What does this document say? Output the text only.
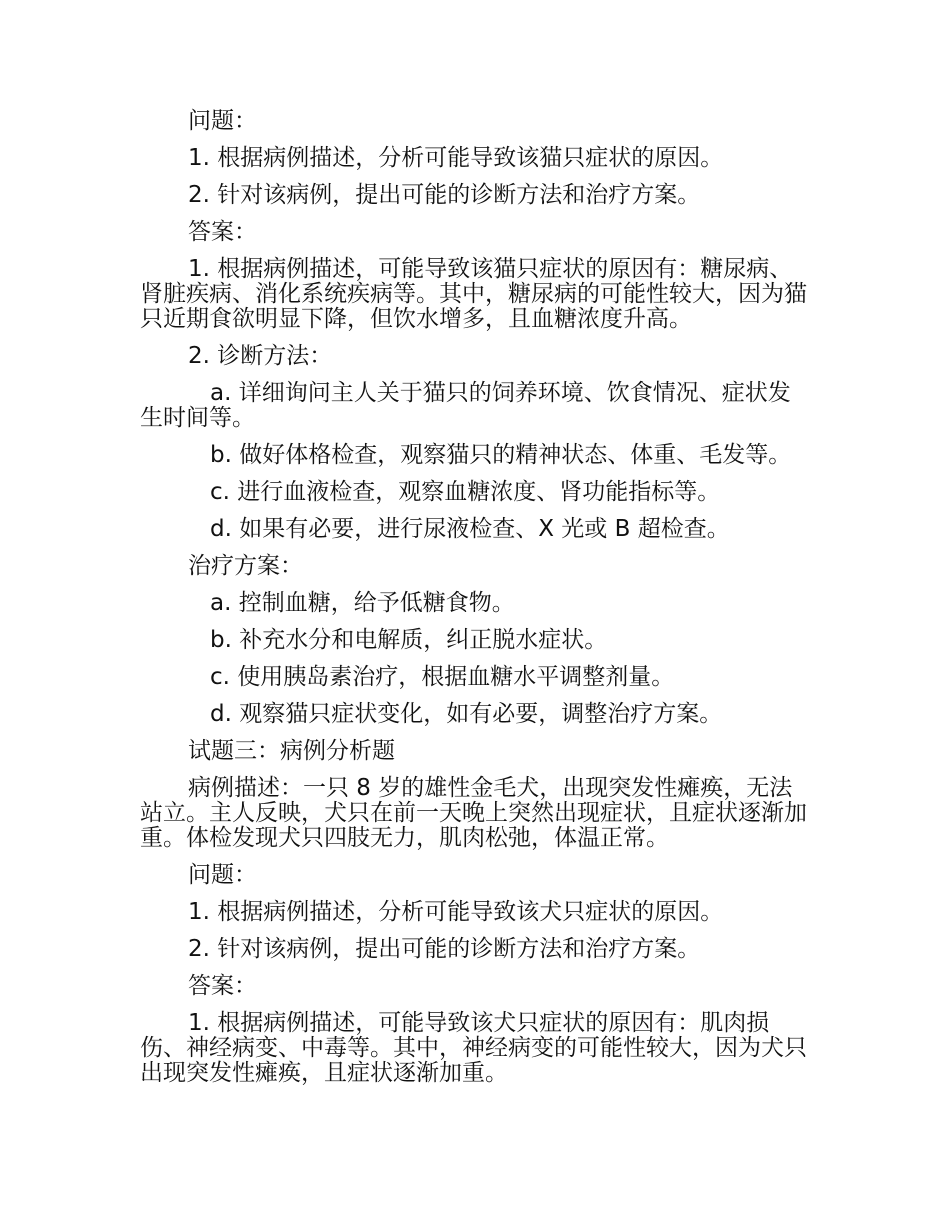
问题：

1. 根据病例描述，分析可能导致该猫只症状的原因。

2. 针对该病例，提出可能的诊断方法和治疗方案。

答案：

1. 根据病例描述，可能导致该猫只症状的原因有：糖尿病、肾脏疾病、消化系统疾病等。其中，糖尿病的可能性较大，因为猫只近期食欲明显下降，但饮水增多，且血糖浓度升高。

2. 诊断方法：

a. 详细询问主人关于猫只的饲养环境、饮食情况、症状发生时间等。

b. 做好体格检查，观察猫只的精神状态、体重、毛发等。

c. 进行血液检查，观察血糖浓度、肾功能指标等。

d. 如果有必要，进行尿液检查、X 光或 B 超检查。

治疗方案：

a. 控制血糖，给予低糖食物。

b. 补充水分和电解质，纠正脱水症状。

c. 使用胰岛素治疗，根据血糖水平调整剂量。

d. 观察猫只症状变化，如有必要，调整治疗方案。

试题三：病例分析题

病例描述：一只 8 岁的雄性金毛犬，出现突发性瘫痪，无法站立。主人反映，犬只在前一天晚上突然出现症状，且症状逐渐加重。体检发现犬只四肢无力，肌肉松弛，体温正常。

问题：

1. 根据病例描述，分析可能导致该犬只症状的原因。

2. 针对该病例，提出可能的诊断方法和治疗方案。

答案：

1. 根据病例描述，可能导致该犬只症状的原因有：肌肉损伤、神经病变、中毒等。其中，神经病变的可能性较大，因为犬只出现突发性瘫痪，且症状逐渐加重。
